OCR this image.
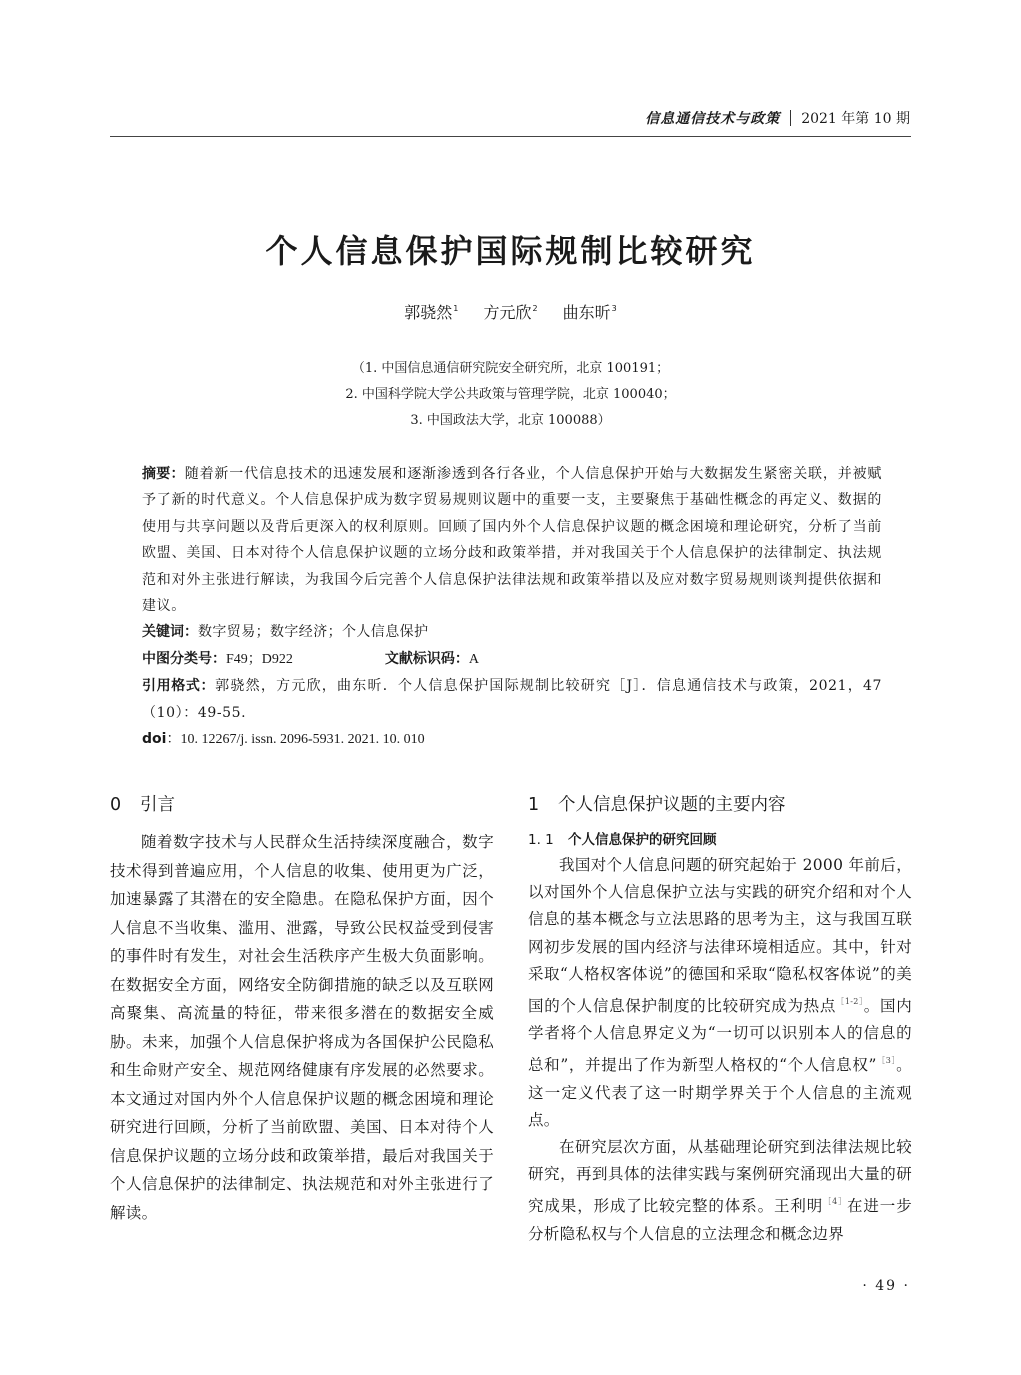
信息通信技术与政策 2021 年第 10 期
个人信息保护国际规制比较研究
郭骁然$^1$ 方元欣$^2$ 曲东昕$^3$
（1. 中国信息通信研究院安全研究所，北京 100191；
2. 中国科学院大学公共政策与管理学院，北京 100040；
3. 中国政法大学，北京 100088）
摘要：随着新一代信息技术的迅速发展和逐渐渗透到各行各业，个人信息保护开始与大数据发生紧密关联，并被赋予了新的时代意义。个人信息保护成为数字贸易规则议题中的重要一支，主要聚焦于基础性概念的再定义、数据的使用与共享问题以及背后更深入的权利原则。回顾了国内外个人信息保护议题的概念困境和理论研究，分析了当前欧盟、美国、日本对待个人信息保护议题的立场分歧和政策举措，并对我国关于个人信息保护的法律制定、执法规范和对外主张进行解读，为我国今后完善个人信息保护法律法规和政策举措以及应对数字贸易规则谈判提供依据和建议。
关键词：数字贸易；数字经济；个人信息保护
中图分类号：F49；D922	文献标识码：A
引用格式：郭骁然，方元欣，曲东昕．个人信息保护国际规制比较研究［J］．信息通信技术与政策，2021，47（10）：49-55.
doi：10. 12267/j. issn. 2096-5931. 2021. 10. 010
0 引言

随着数字技术与人民群众生活持续深度融合，数字技术得到普遍应用，个人信息的收集、使用更为广泛，加速暴露了其潜在的安全隐患。在隐私保护方面，因个人信息不当收集、滥用、泄露，导致公民权益受到侵害的事件时有发生，对社会生活秩序产生极大负面影响。在数据安全方面，网络安全防御措施的缺乏以及互联网高聚集、高流量的特征，带来很多潜在的数据安全威胁。未来，加强个人信息保护将成为各国保护公民隐私和生命财产安全、规范网络健康有序发展的必然要求。本文通过对国内外个人信息保护议题的概念困境和理论研究进行回顾，分析了当前欧盟、美国、日本对待个人信息保护议题的立场分歧和政策举措，最后对我国关于个人信息保护的法律制定、执法规范和对外主张进行了解读。

1 个人信息保护议题的主要内容
1. 1 个人信息保护的研究回顾

我国对个人信息问题的研究起始于 2000 年前后，以对国外个人信息保护立法与实践的研究介绍和对个人信息的基本概念与立法思路的思考为主，这与我国互联网初步发展的国内经济与法律环境相适应。其中，针对采取“人格权客体说”的德国和采取“隐私权客体说”的美国的个人信息保护制度的比较研究成为热点$^{[1-2]}$。国内学者将个人信息界定义为“一切可以识别本人的信息的总和”，并提出了作为新型人格权的“个人信息权”$^{[3]}$。这一定义代表了这一时期学界关于个人信息的主流观点。

在研究层次方面，从基础理论研究到法律法规比较研究，再到具体的法律实践与案例研究涌现出大量的研究成果，形成了比较完整的体系。王利明$^{[4]}$在进一步分析隐私权与个人信息的立法理念和概念边界

· 49 ·
